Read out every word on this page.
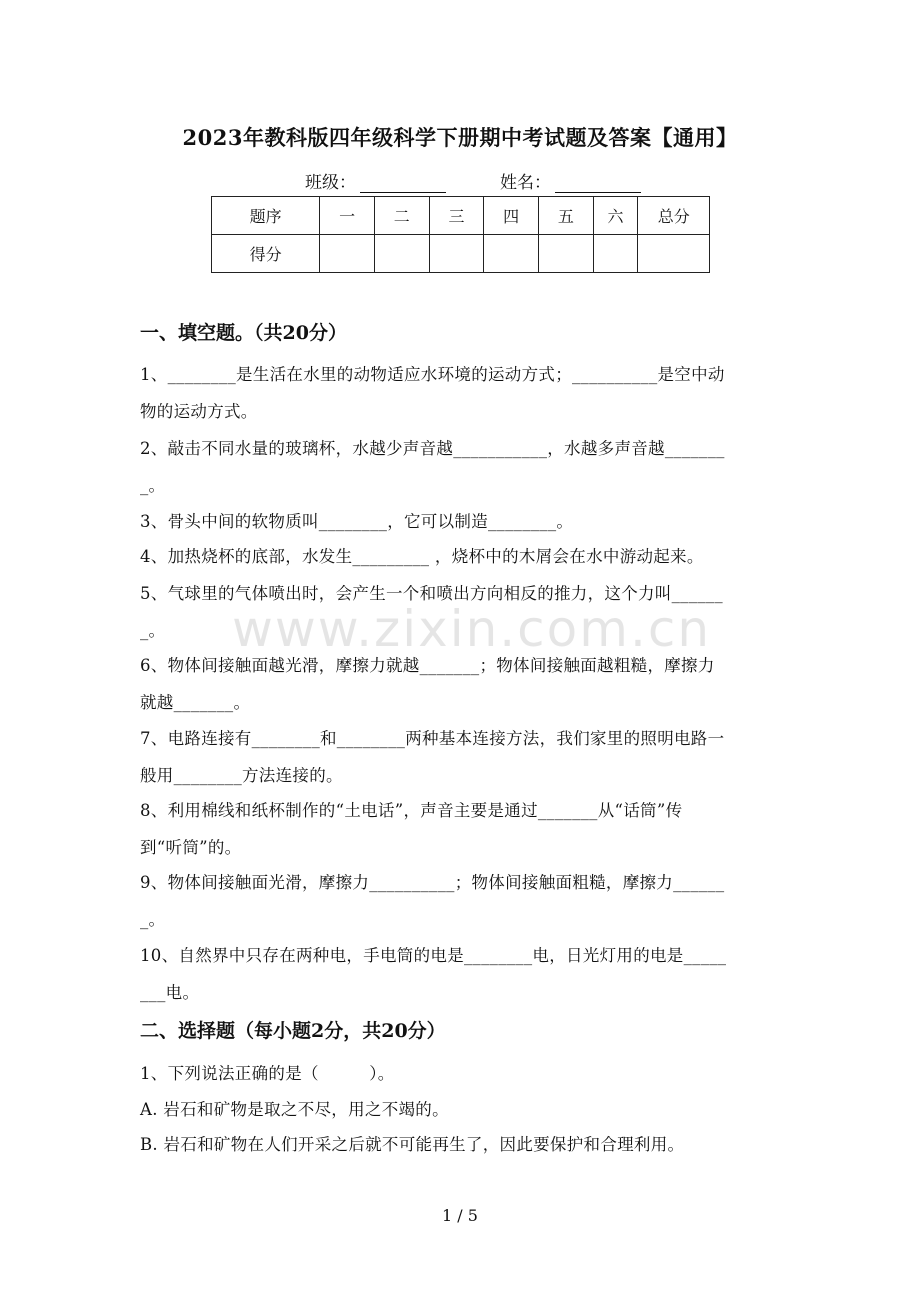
2023年教科版四年级科学下册期中考试题及答案【通用】
班级：	姓名：
题序	一	二	三	四	五	六	总分
得分							
一、填空题。（共20分）
1、________是生活在水里的动物适应水环境的运动方式；__________是空中动
物的运动方式。
2、敲击不同水量的玻璃杯，水越少声音越___________，水越多声音越_______
_。
3、骨头中间的软物质叫________，它可以制造________。
4、加热烧杯的底部，水发生_________ ，烧杯中的木屑会在水中游动起来。
5、气球里的气体喷出时，会产生一个和喷出方向相反的推力，这个力叫______
_。
6、物体间接触面越光滑，摩擦力就越_______；物体间接触面越粗糙，摩擦力
就越_______。
7、电路连接有________和________两种基本连接方法，我们家里的照明电路一
般用________方法连接的。
8、利用棉线和纸杯制作的“土电话”，声音主要是通过_______从“话筒”传
到“听筒”的。
9、物体间接触面光滑，摩擦力__________；物体间接触面粗糙，摩擦力______
_。
10、自然界中只存在两种电，手电筒的电是________电，日光灯用的电是_____
___电。
二、选择题（每小题2分，共20分）
1、下列说法正确的是（　　　）。
A. 岩石和矿物是取之不尽，用之不竭的。
B. 岩石和矿物在人们开采之后就不可能再生了，因此要保护和合理利用。
www.zixin.com.cn
1 / 5
